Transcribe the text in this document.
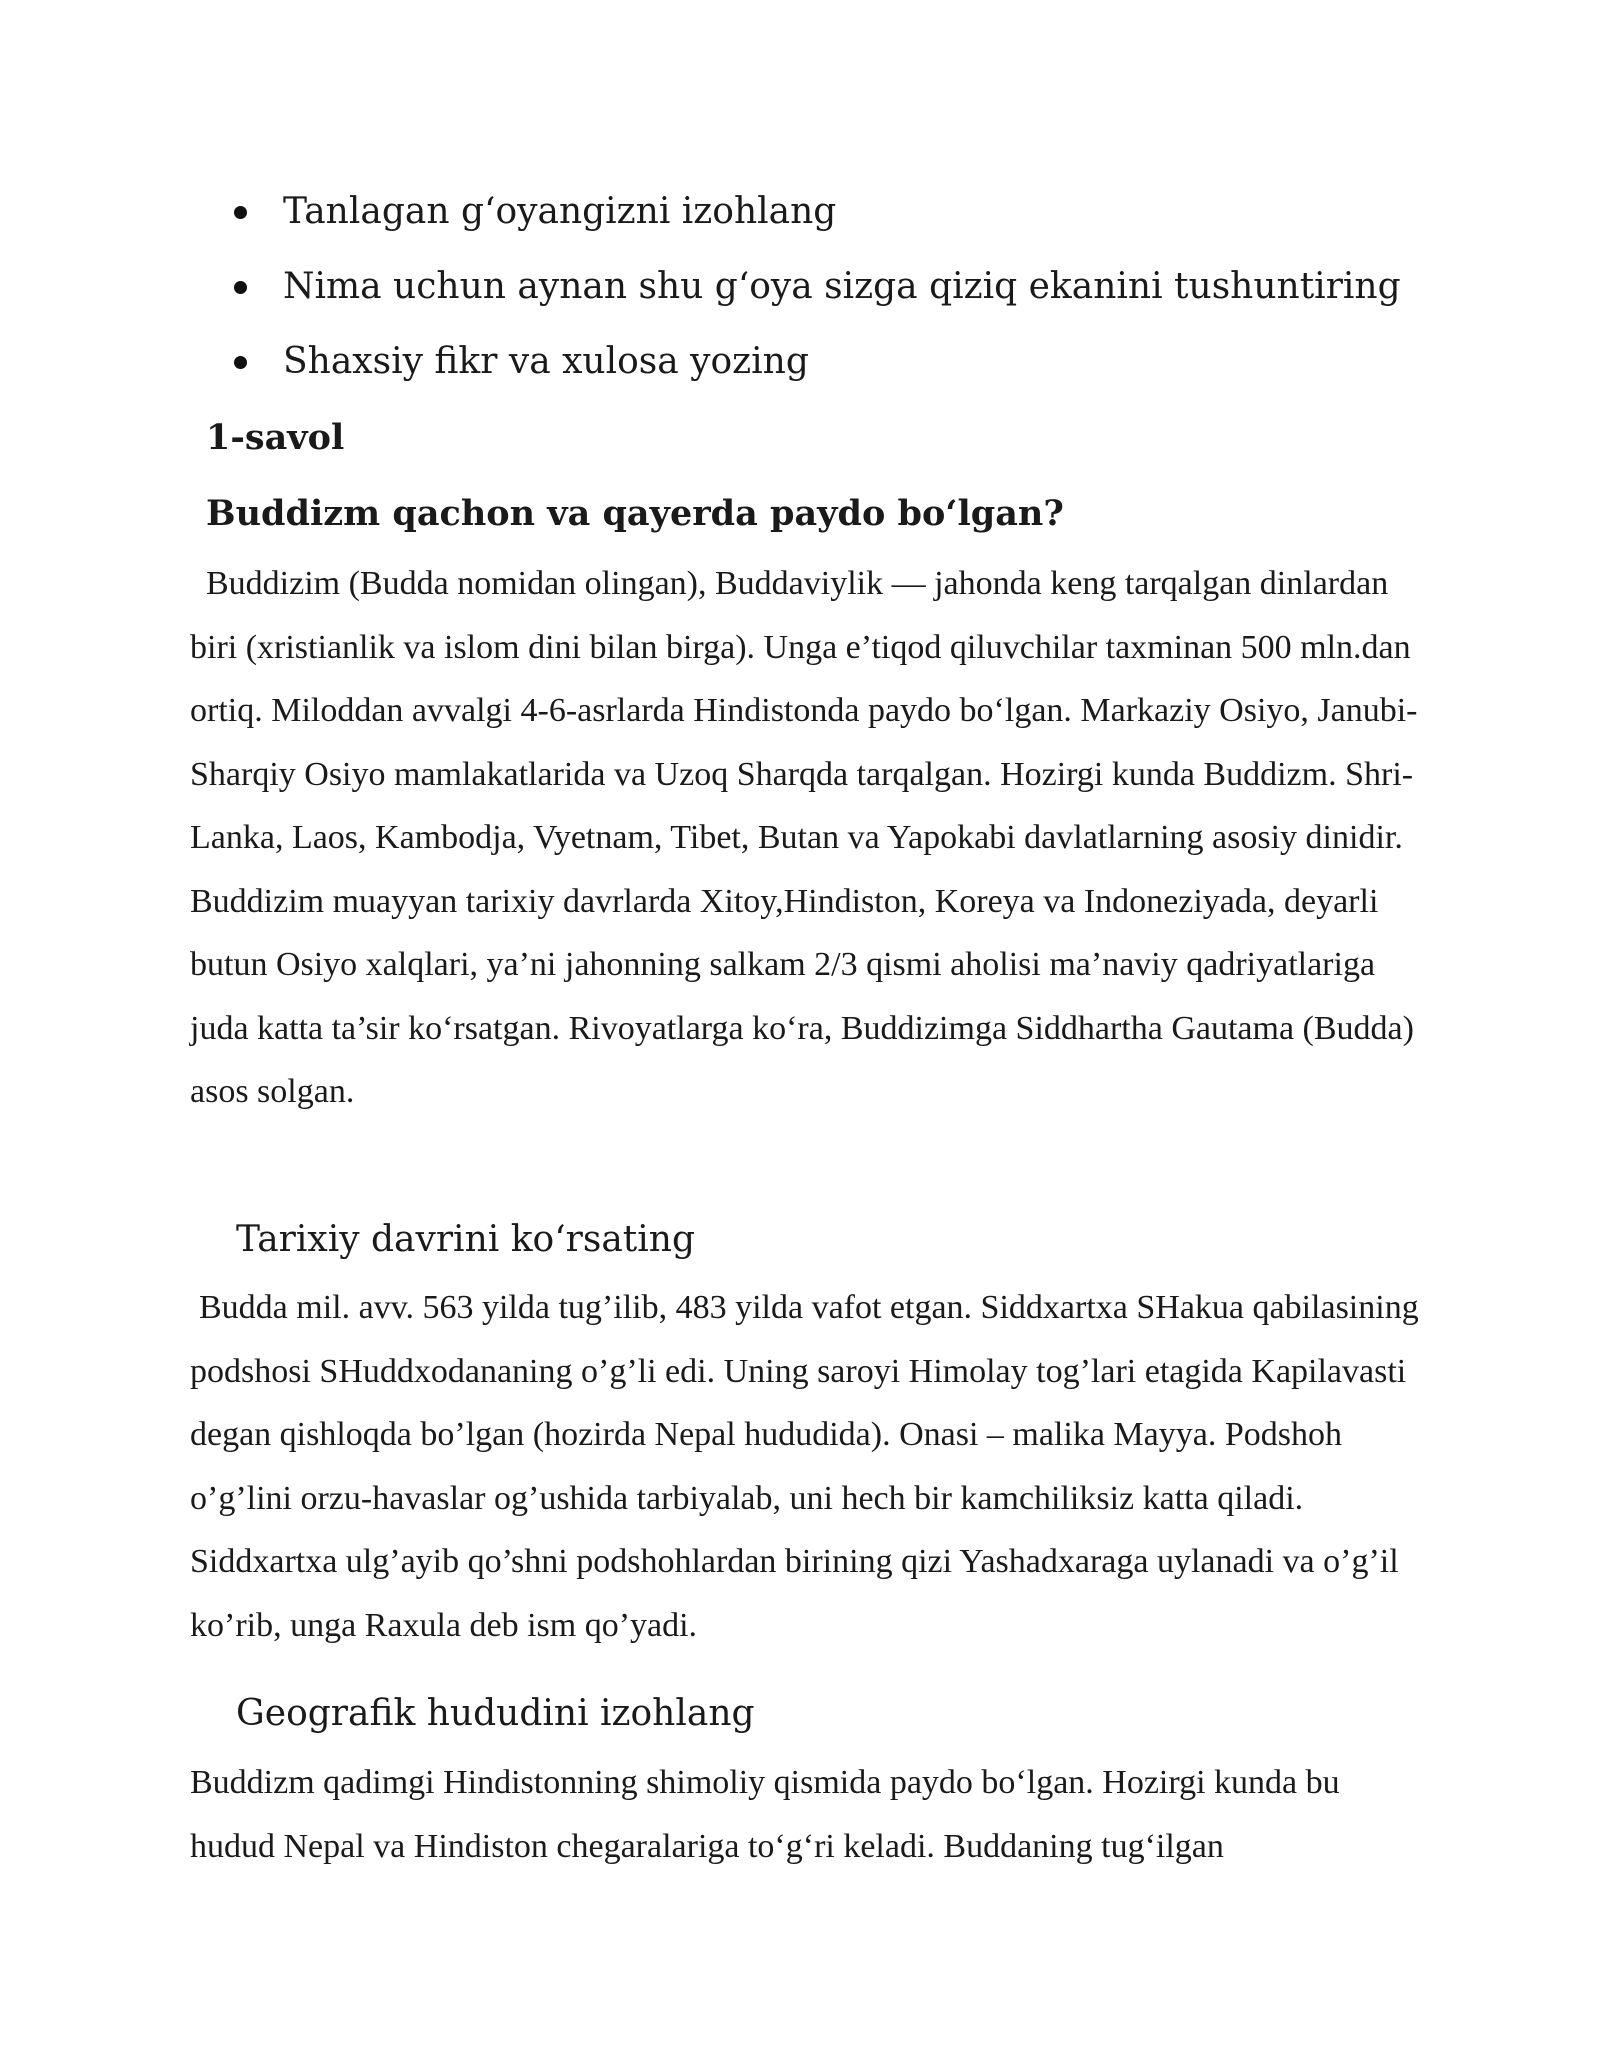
Tanlagan g‘oyangizni izohlang
Nima uchun aynan shu g‘oya sizga qiziq ekanini tushuntiring
Shaxsiy fikr va xulosa yozing
1-savol
Buddizm qachon va qayerda paydo bo‘lgan?

Buddizim (Budda nomidan olingan), Buddaviylik — jahonda keng tarqalgan dinlardan biri (xristianlik va islom dini bilan birga). Unga e’tiqod qiluvchilar taxminan 500 mln.dan ortiq. Miloddan avvalgi 4-6-asrlarda Hindistonda paydo bo‘lgan. Markaziy Osiyo, Janubi-Sharqiy Osiyo mamlakatlarida va Uzoq Sharqda tarqalgan. Hozirgi kunda Buddizm. Shri-Lanka, Laos, Kambodja, Vyetnam, Tibet, Butan va Yapokabi davlatlarning asosiy dinidir. Buddizim muayyan tarixiy davrlarda Xitoy,Hindiston, Koreya va Indoneziyada, deyarli butun Osiyo xalqlari, ya’ni jahonning salkam 2/3 qismi aholisi ma’naviy qadriyatlariga juda katta ta’sir ko‘rsatgan. Rivoyatlarga ko‘ra, Buddizimga Siddhartha Gautama (Budda) asos solgan.

Tarixiy davrini ko‘rsating

Budda mil. avv. 563 yilda tug’ilib, 483 yilda vafot etgan. Siddxartxa SHakua qabilasining podshosi SHuddxodananing o’g’li edi. Uning saroyi Himolay tog’lari etagida Kapilavasti degan qishloqda bo’lgan (hozirda Nepal hududida). Onasi – malika Mayya. Podshoh o’g’lini orzu-havaslar og’ushida tarbiyalab, uni hech bir kamchiliksiz katta qiladi. Siddxartxa ulg’ayib qo’shni podshohlardan birining qizi Yashadxaraga uylanadi va o’g’il ko’rib, unga Raxula deb ism qo’yadi.

Geografik hududini izohlang

Buddizm qadimgi Hindistonning shimoliy qismida paydo bo‘lgan. Hozirgi kunda bu hudud Nepal va Hindiston chegaralariga to‘g‘ri keladi. Buddaning tug‘ilgan
